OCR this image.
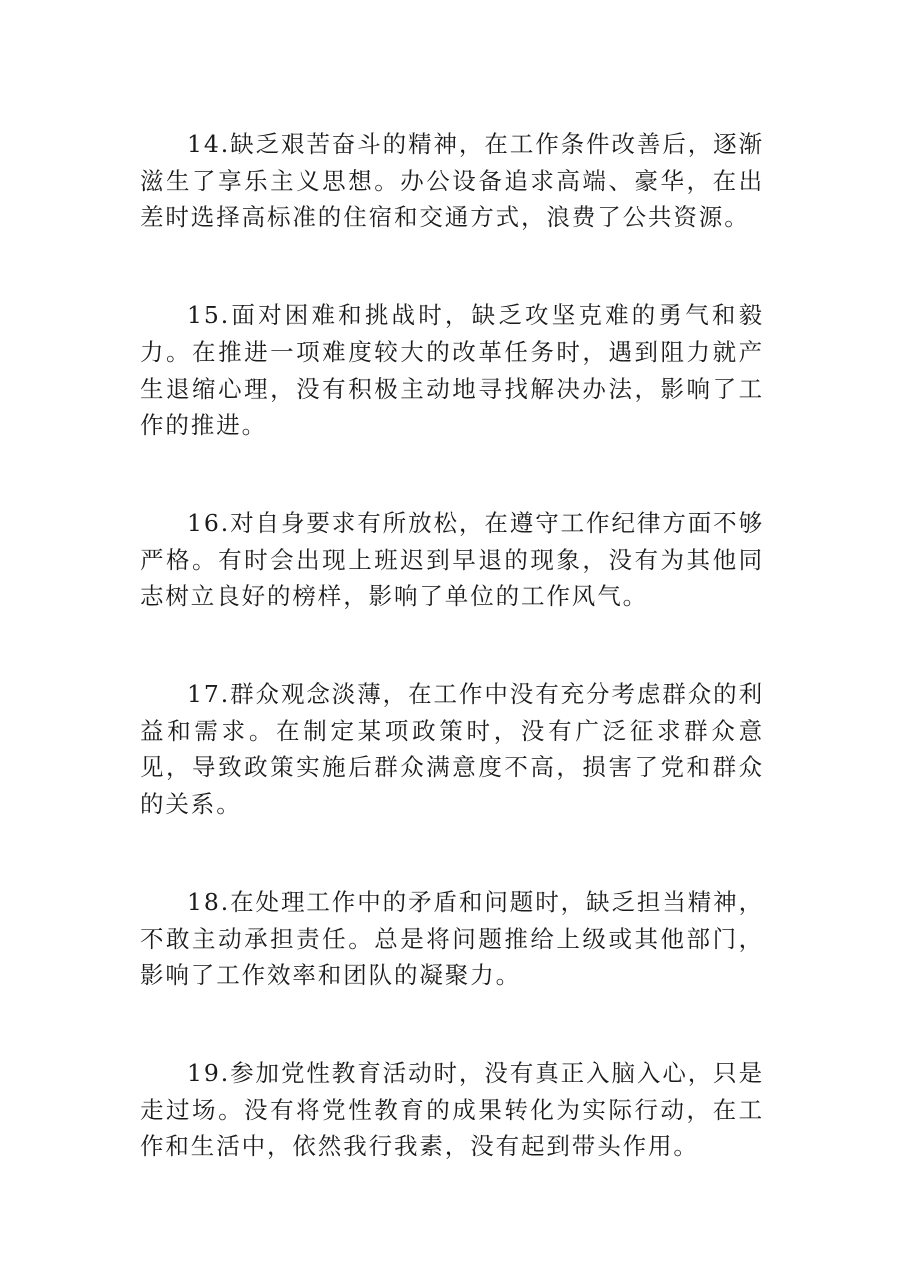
14.缺乏艰苦奋斗的精神，在工作条件改善后，逐渐滋生了享乐主义思想。办公设备追求高端、豪华，在出差时选择高标准的住宿和交通方式，浪费了公共资源。

15.面对困难和挑战时，缺乏攻坚克难的勇气和毅力。在推进一项难度较大的改革任务时，遇到阻力就产生退缩心理，没有积极主动地寻找解决办法，影响了工作的推进。

16.对自身要求有所放松，在遵守工作纪律方面不够严格。有时会出现上班迟到早退的现象，没有为其他同志树立良好的榜样，影响了单位的工作风气。

17.群众观念淡薄，在工作中没有充分考虑群众的利益和需求。在制定某项政策时，没有广泛征求群众意见，导致政策实施后群众满意度不高，损害了党和群众的关系。

18.在处理工作中的矛盾和问题时，缺乏担当精神，不敢主动承担责任。总是将问题推给上级或其他部门，影响了工作效率和团队的凝聚力。

19.参加党性教育活动时，没有真正入脑入心，只是走过场。没有将党性教育的成果转化为实际行动，在工作和生活中，依然我行我素，没有起到带头作用。
